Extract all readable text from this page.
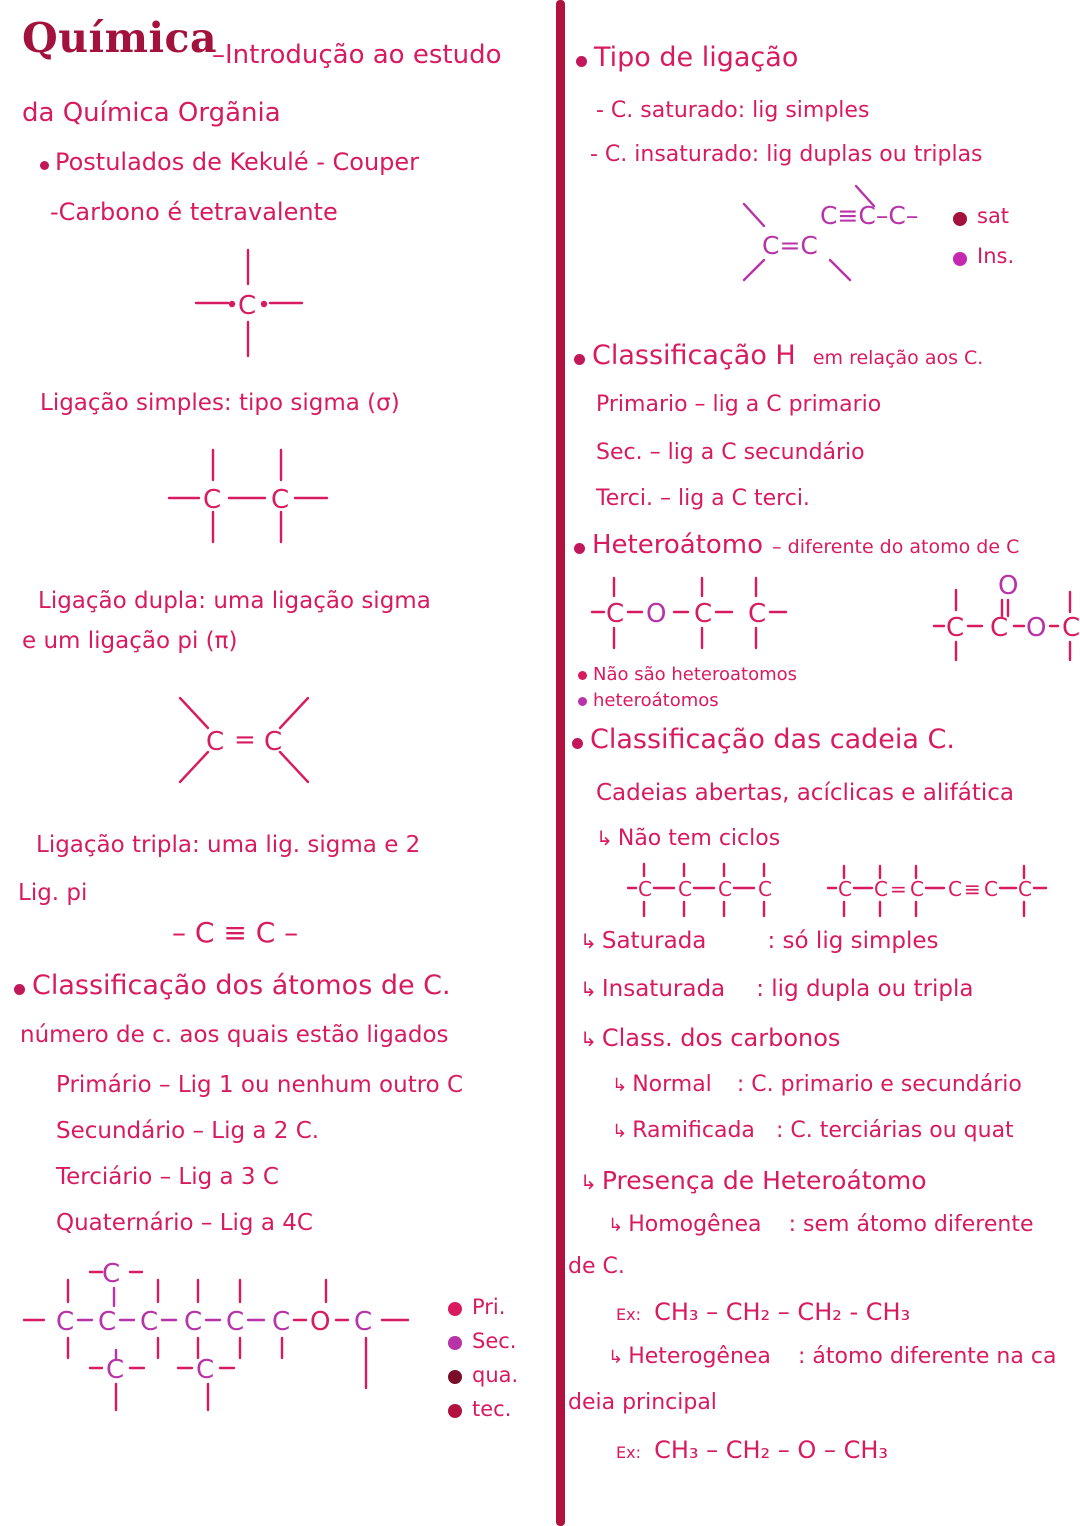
Química
–Introdução ao estudo
da Química Orgãnia
Postulados de Kekulé - Couper
-Carbono é tetravalente
C
Ligação simples: tipo sigma (σ)
C C
Ligação dupla: uma ligação sigma
e um ligação pi (π)
C = C
Ligação tripla: uma lig. sigma e 2
Lig. pi
– C ≡ C –
Classificação dos átomos de C.
número de c. aos quais estão ligados
Primário – Lig 1 ou nenhum outro C
Secundário – Lig a 2 C.
Terciário – Lig a 3 C
Quaternário – Lig a 4C
C
C C C C C C O C
C	C
Pri.
Sec.
qua.
tec.
Tipo de ligação
- C. saturado: lig simples
- C. insaturado: lig duplas ou triplas
C≡C–C–
C=C
sat
Ins.
Classificação H em relação aos C.
Primario – lig a C primario
Sec. – lig a C secundário
Terci. – lig a C terci.
Heteroátomo – diferente do atomo de C
C O C C
O
C C O C
Não são heteroatomos
heteroátomos
Classificação das cadeia C.
Cadeias abertas, acíclicas e alifática
↳ Não tem ciclos
C C C C	C C = C C ≡ C C
↳ Saturada	: só lig simples
↳ Insaturada : lig dupla ou tripla
↳ Class. dos carbonos
↳ Normal : C. primario e secundário
↳ Ramificada : C. terciárias ou quat
↳ Presença de Heteroátomo
↳ Homogênea : sem átomo diferente
de C.
Ex: CH₃ – CH₂ – CH₂ - CH₃
↳ Heterogênea : átomo diferente na ca
deia principal
Ex: CH₃ – CH₂ – O – CH₃
